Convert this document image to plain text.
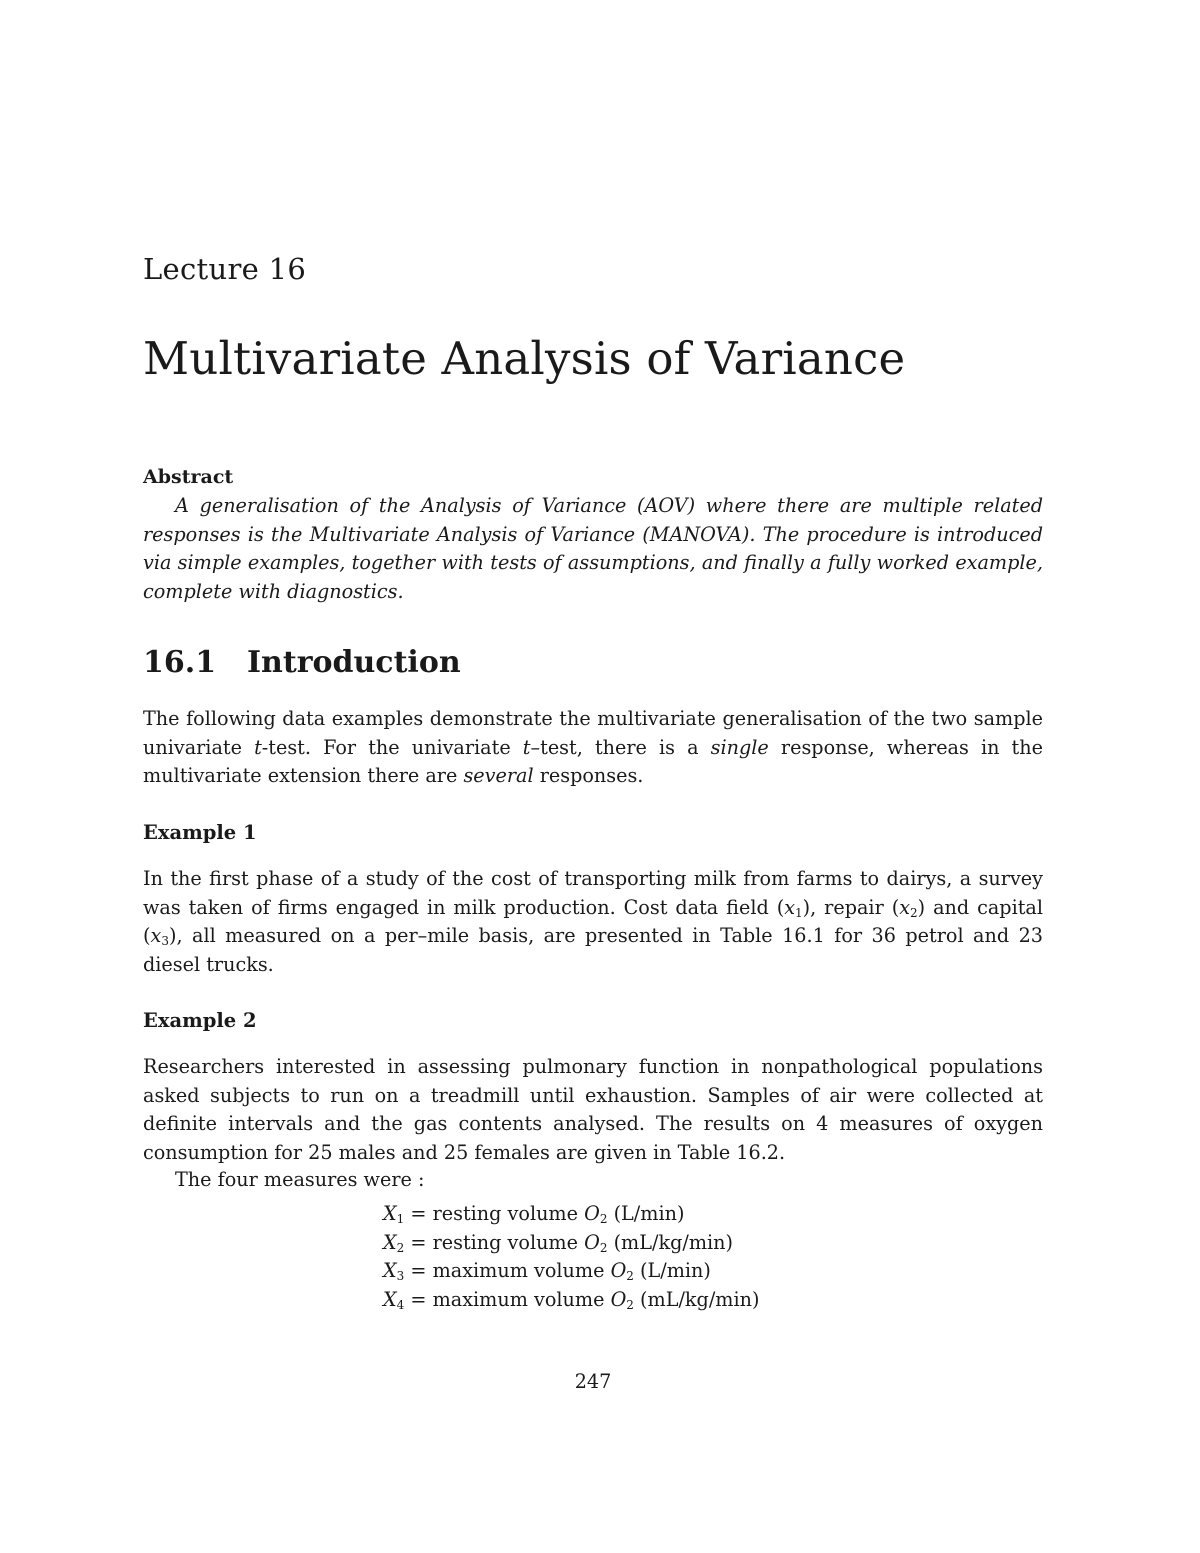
Lecture 16
Multivariate Analysis of Variance
Abstract
A generalisation of the Analysis of Variance (AOV) where there are multiple related responses is the Multivariate Analysis of Variance (MANOVA). The procedure is introduced via simple examples, together with tests of assumptions, and finally a fully worked example, complete with diagnostics.
16.1 Introduction
The following data examples demonstrate the multivariate generalisation of the two sample univariate t-test. For the univariate t–test, there is a single response, whereas in the multivariate extension there are several responses.
Example 1
In the first phase of a study of the cost of transporting milk from farms to dairys, a survey was taken of firms engaged in milk production. Cost data field $(x_1)$, repair $(x_2)$ and capital $(x_3)$, all measured on a per–mile basis, are presented in Table 16.1 for 36 petrol and 23 diesel trucks.
Example 2
Researchers interested in assessing pulmonary function in nonpathological populations asked subjects to run on a treadmill until exhaustion. Samples of air were collected at definite intervals and the gas contents analysed. The results on 4 measures of oxygen consumption for 25 males and 25 females are given in Table 16.2.
The four measures were :
$X_1$ = resting volume $O_2$ (L/min)
$X_2$ = resting volume $O_2$ (mL/kg/min)
$X_3$ = maximum volume $O_2$ (L/min)
$X_4$ = maximum volume $O_2$ (mL/kg/min)
247
